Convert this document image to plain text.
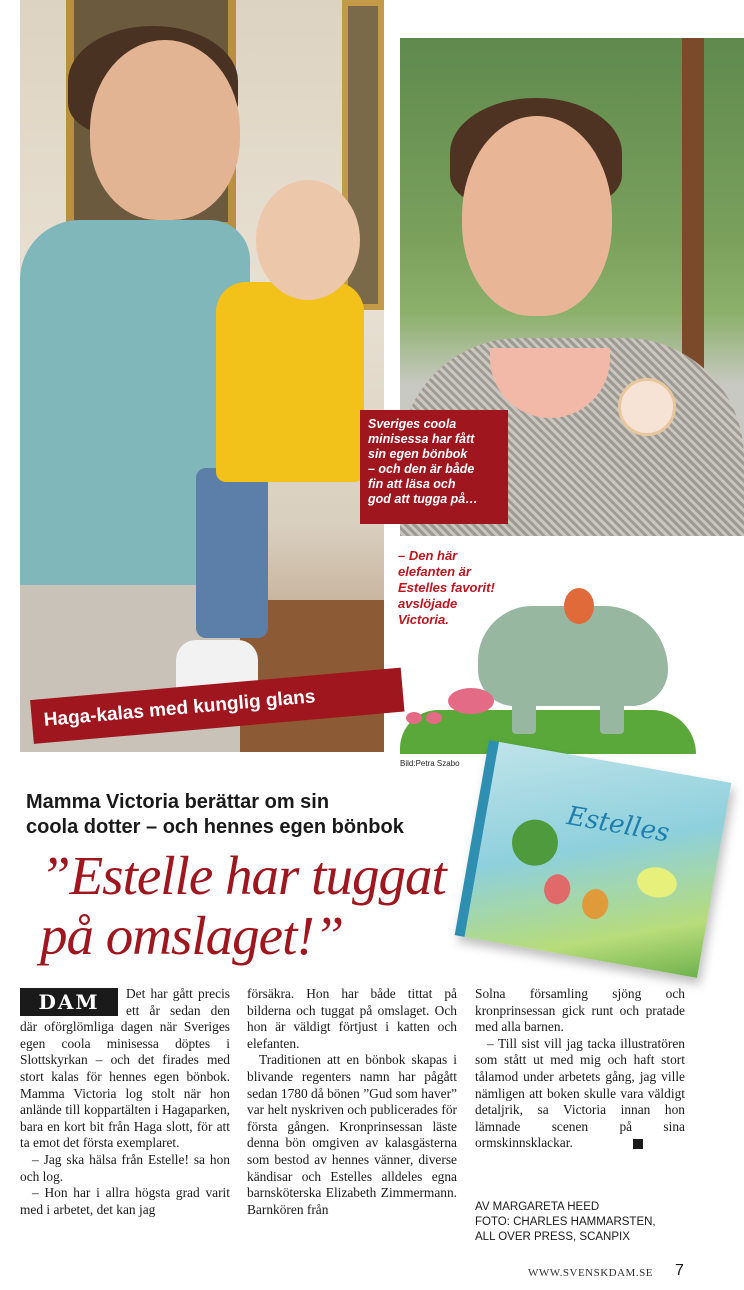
Sveriges coola
minisessa har fått
sin egen bönbok
– och den är både
fin att läsa och
god att tugga på…
– Den här
elefanten är
Estelles favorit!
avslöjade
Victoria.
Haga-kalas med kunglig glans
Bild:Petra Szabo
Estelles
Mamma Victoria berättar om sin
coola dotter – och hennes egen bönbok
”Estelle har tuggat
på omslaget!”
DAM	Det har gått precis ett år sedan den där oförglömliga dagen när Sveriges egen coola minisessa döptes i Slottskyrkan – och det firades med stort kalas för hennes egen bönbok. Mamma Victoria log stolt när hon anlände till koppartälten i Hagaparken, bara en kort bit från Haga slott, för att ta emot det första exemplaret.

– Jag ska hälsa från Estelle! sa hon och log.

– Hon har i allra högsta grad varit med i arbetet, det kan jag

försäkra. Hon har både tittat på bilderna och tuggat på omslaget. Och hon är väldigt förtjust i katten och elefanten.

Traditionen att en bönbok skapas i blivande regenters namn har pågått sedan 1780 då bönen ”Gud som haver” var helt nyskriven och publicerades för första gången. Kronprinsessan läste denna bön omgiven av kalasgästerna som bestod av hennes vänner, diverse kändisar och Estelles alldeles egna barnsköterska Elizabeth Zimmermann. Barnkören från

Solna församling sjöng och kronprinsessan gick runt och pratade med alla barnen.

– Till sist vill jag tacka illustratören som stått ut med mig och haft stort tålamod under arbetets gång, jag ville nämligen att boken skulle vara väldigt detaljrik, sa Victoria innan hon lämnade scenen på sina ormskinnsklackar.

AV MARGARETA HEED
FOTO: CHARLES HAMMARSTEN,
ALL OVER PRESS, SCANPIX
WWW.SVENSKDAM.SE 7
